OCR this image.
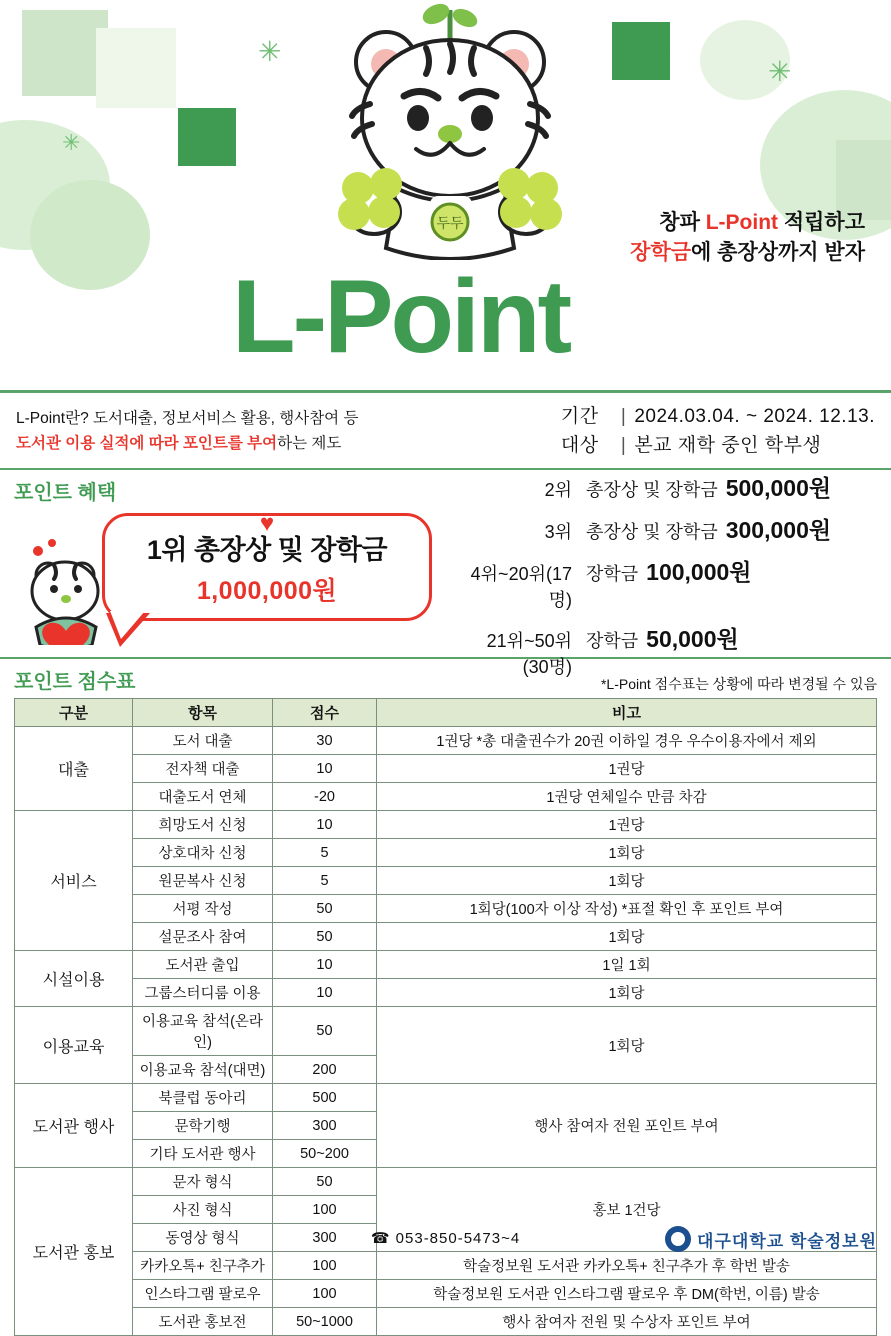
✳
✳
✳
두두	창파 L-Point 적립하고
장학금에 총장상까지 받자
L-Point
L-Point란? 도서대출, 정보서비스 활용, 행사참여 등
도서관 이용 실적에 따라 포인트를 부여하는 제도
기간 | 2024.03.04. ~ 2024. 12.13.
대상 | 본교 재학 중인 학부생
포인트 혜택
♥
1위 총장상 및 장학금
1,000,000원
2위 총장상 및 장학금 500,000원
3위 총장상 및 장학금 300,000원
4위~20위(17명)
장학금 100,000원
21위~50위(30명)
장학금 50,000원
포인트 점수표	*L-Point 점수표는 상황에 따라 변경될 수 있음
구분	항목	점수	비고
대출	도서 대출	30	1권당 *총 대출권수가 20권 이하일 경우 우수이용자에서 제외
	전자책 대출	10	1권당
	대출도서 연체	-20	1권당 연체일수 만큼 차감
서비스	희망도서 신청	10	1권당
	상호대차 신청	5	1회당
	원문복사 신청	5	1회당
	서평 작성	50	1회당(100자 이상 작성) *표절 확인 후 포인트 부여
	설문조사 참여	50	1회당
시설이용	도서관 출입	10	1일 1회
	그룹스터디룸 이용	10	1회당
이용교육	이용교육 참석(온라인)	50	1회당
	이용교육 참석(대면)	200	
도서관 행사	북클럽 동아리	500	행사 참여자 전원 포인트 부여
	문학기행	300	
	기타 도서관 행사	50~200	
도서관 홍보	문자 형식	50	홍보 1건당
	사진 형식	100	
	동영상 형식	300	
	카카오톡+ 친구추가	100	학술정보원 도서관 카카오톡+ 친구추가 후 학번 발송
	인스타그램 팔로우	100	학술정보원 도서관 인스타그램 팔로우 후 DM(학번, 이름) 발송
	도서관 홍보전	50~1000	행사 참여자 전원 및 수상자 포인트 부여
☎ 053-850-5473~4	대구대학교 학술정보원
